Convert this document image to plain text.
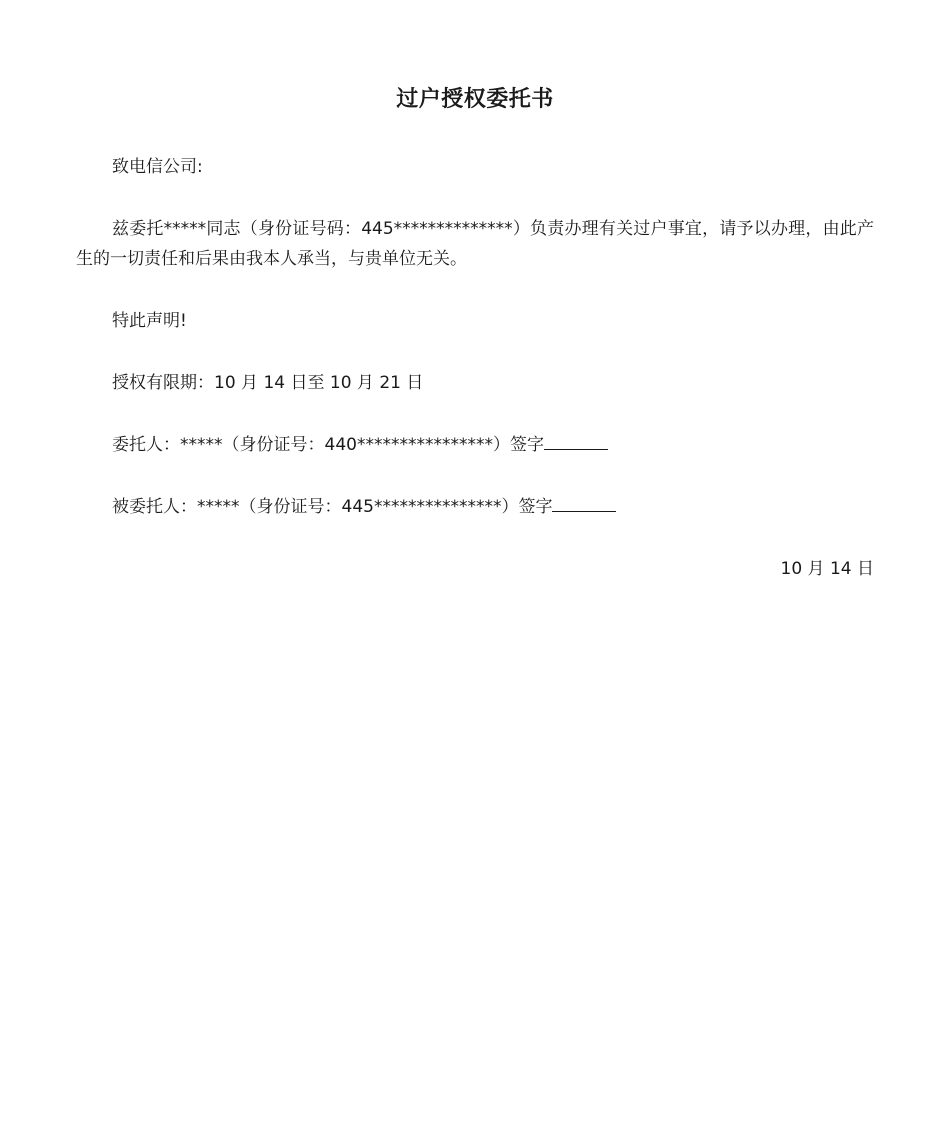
过户授权委托书

致电信公司:

兹委托*****同志（身份证号码：445**************）负责办理有关过户事宜，请予以办理，由此产生的一切责任和后果由我本人承当，与贵单位无关。

特此声明!

授权有限期：10 月 14 日至 10 月 21 日

委托人：*****（身份证号：440****************）签字

被委托人：*****（身份证号：445***************）签字

10 月 14 日
